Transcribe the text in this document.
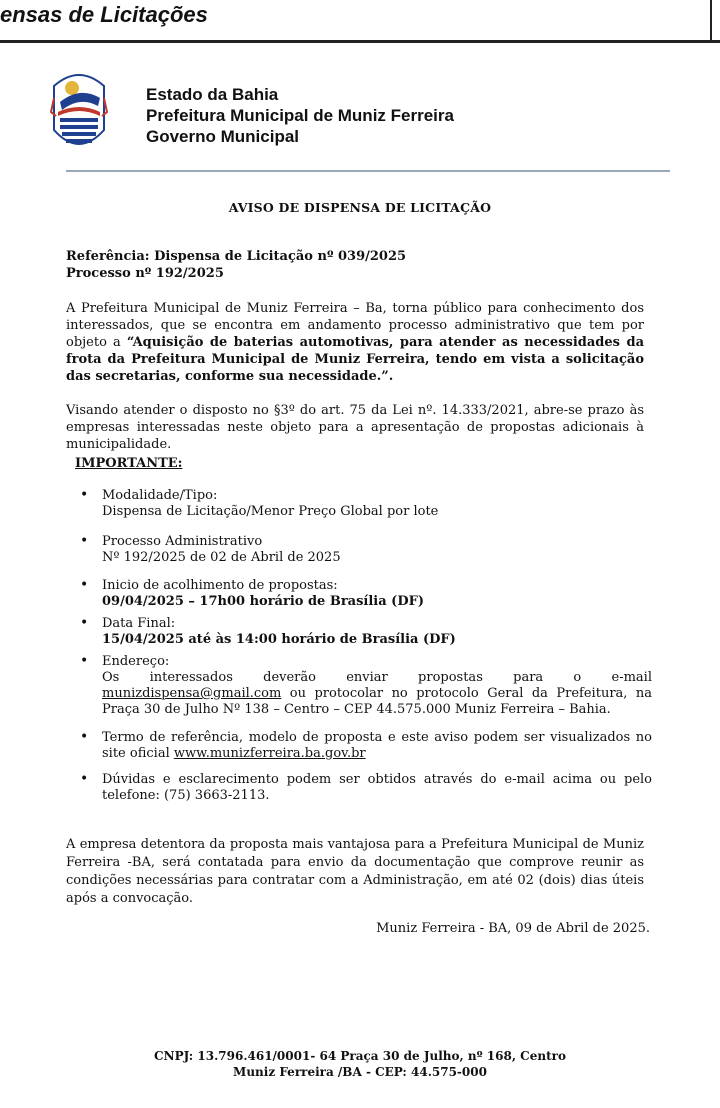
ensas de Licitações
Estado da Bahia
Prefeitura Municipal de Muniz Ferreira
Governo Municipal
AVISO DE DISPENSA DE LICITAÇÃO
Referência: Dispensa de Licitação nº 039/2025
Processo nº 192/2025
A Prefeitura Municipal de Muniz Ferreira – Ba, torna público para conhecimento dos interessados, que se encontra em andamento processo administrativo que tem por objeto a “Aquisição de baterias automotivas, para atender as necessidades da frota da Prefeitura Municipal de Muniz Ferreira, tendo em vista a solicitação das secretarias, conforme sua necessidade.”.
Visando atender o disposto no §3º do art. 75 da Lei nº. 14.333/2021, abre-se prazo às empresas interessadas neste objeto para a apresentação de propostas adicionais à municipalidade.
IMPORTANTE:
• Modalidade/Tipo:
Dispensa de Licitação/Menor Preço Global por lote
• Processo Administrativo
Nº 192/2025 de 02 de Abril de 2025
• Inicio de acolhimento de propostas:
09/04/2025 – 17h00 horário de Brasília (DF)
• Data Final:
15/04/2025 até às 14:00 horário de Brasília (DF)
• Endereço:
Os interessados deverão enviar propostas para o e-mail munizdispensa@gmail.com ou protocolar no protocolo Geral da Prefeitura, na Praça 30 de Julho Nº 138 – Centro – CEP 44.575.000 Muniz Ferreira – Bahia.
• Termo de referência, modelo de proposta e este aviso podem ser visualizados no site oficial www.munizferreira.ba.gov.br
• Dúvidas e esclarecimento podem ser obtidos através do e-mail acima ou pelo telefone: (75) 3663-2113.
A empresa detentora da proposta mais vantajosa para a Prefeitura Municipal de Muniz Ferreira -BA, será contatada para envio da documentação que comprove reunir as condições necessárias para contratar com a Administração, em até 02 (dois) dias úteis após a convocação.
Muniz Ferreira - BA, 09 de Abril de 2025.
CNPJ: 13.796.461/0001- 64 Praça 30 de Julho, nº 168, Centro
Muniz Ferreira /BA - CEP: 44.575-000
